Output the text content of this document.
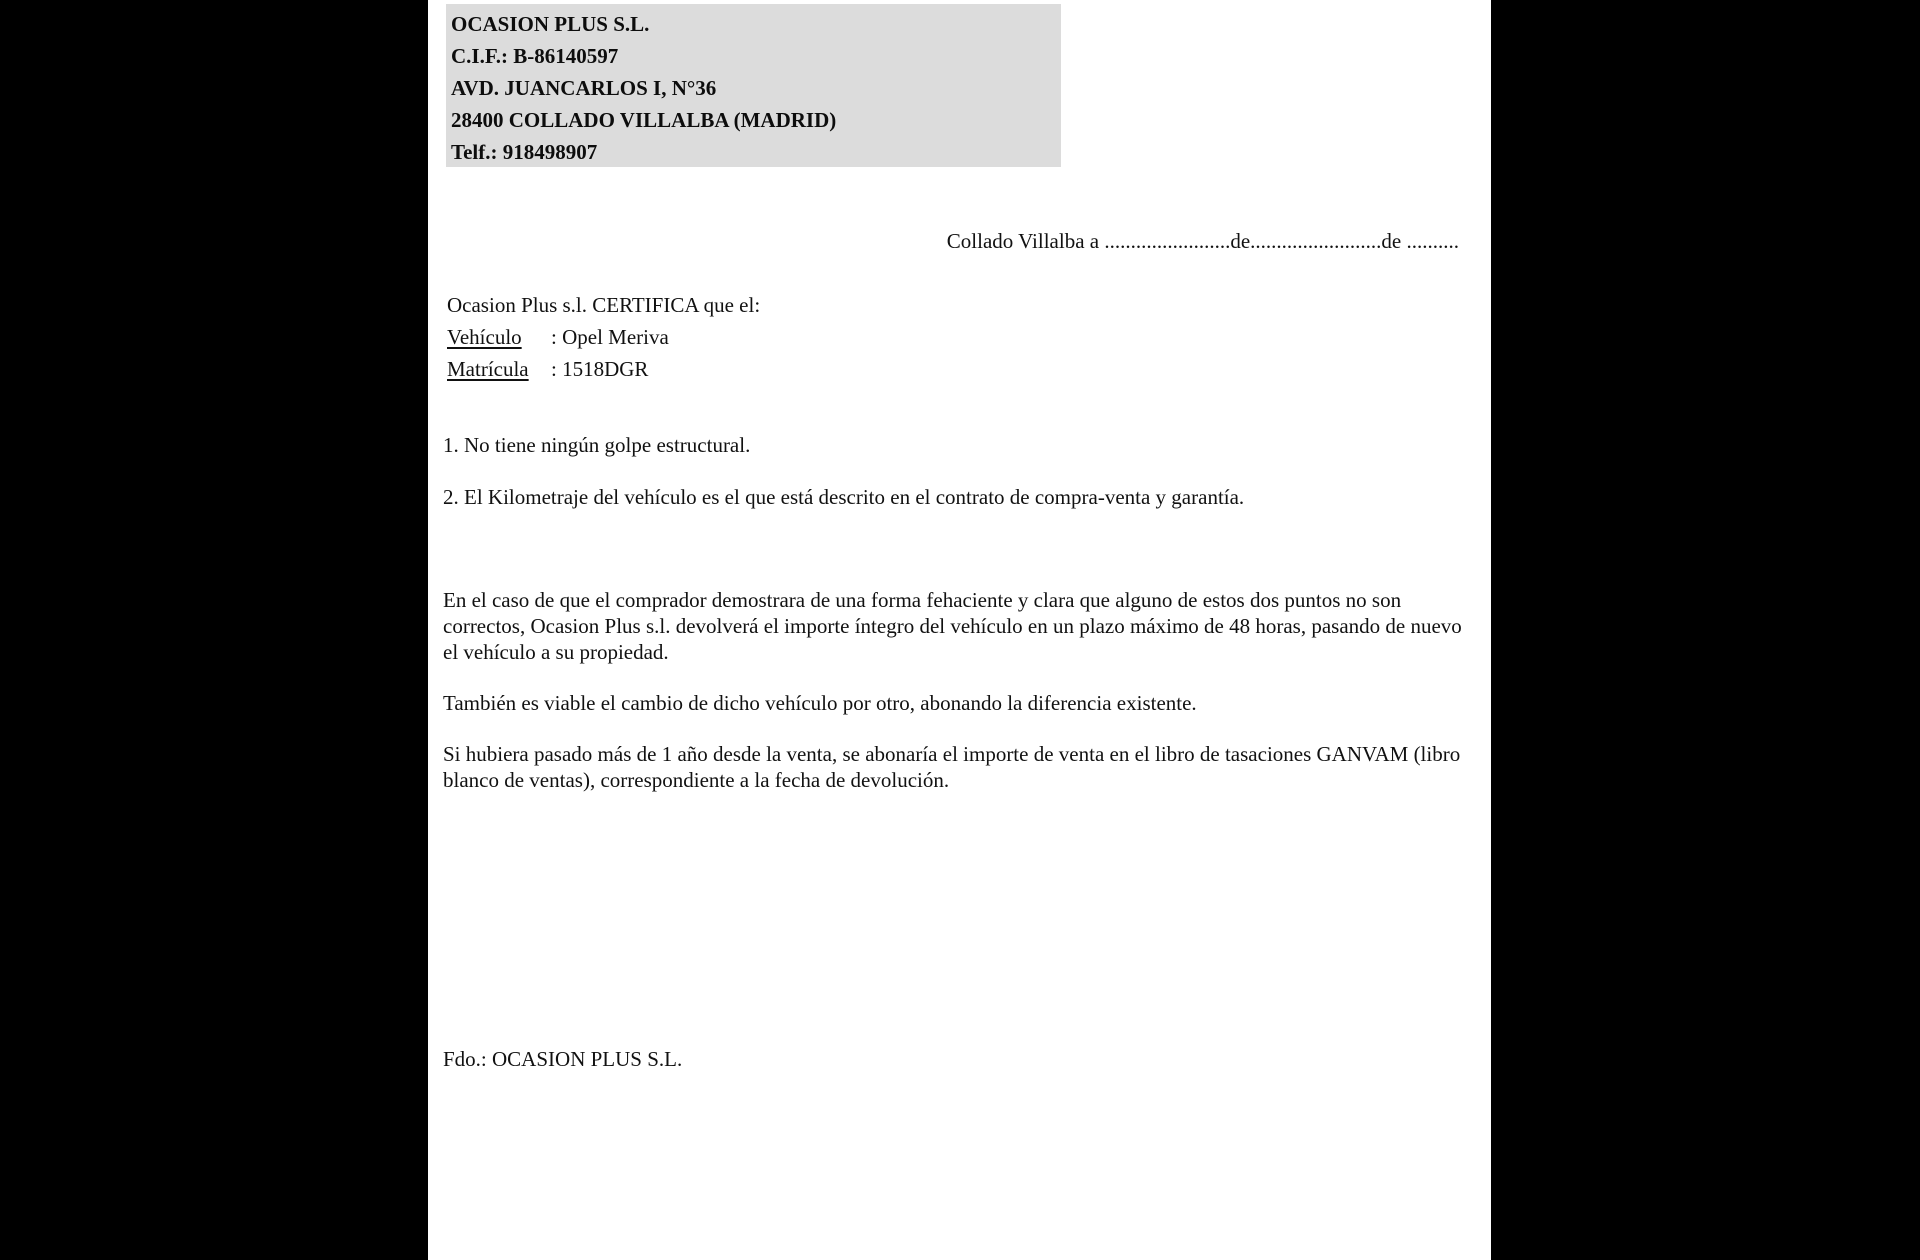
OCASION PLUS S.L.
C.I.F.: B-86140597
AVD. JUANCARLOS I, N°36
28400 COLLADO VILLALBA (MADRID)
Telf.: 918498907
Collado Villalba a ........................de.........................de ..........
Ocasion Plus s.l. CERTIFICA que el:
Vehículo : Opel Meriva
Matrícula : 1518DGR

1. No tiene ningún golpe estructural.

2. El Kilometraje del vehículo es el que está descrito en el contrato de compra-venta y garantía.

En el caso de que el comprador demostrara de una forma fehaciente y clara que alguno de estos dos puntos no son correctos, Ocasion Plus s.l. devolverá el importe íntegro del vehículo en un plazo máximo de 48 horas, pasando de nuevo el vehículo a su propiedad.

También es viable el cambio de dicho vehículo por otro, abonando la diferencia existente.

Si hubiera pasado más de 1 año desde la venta, se abonaría el importe de venta en el libro de tasaciones GANVAM (libro blanco de ventas), correspondiente a la fecha de devolución.

Fdo.: OCASION PLUS S.L.
